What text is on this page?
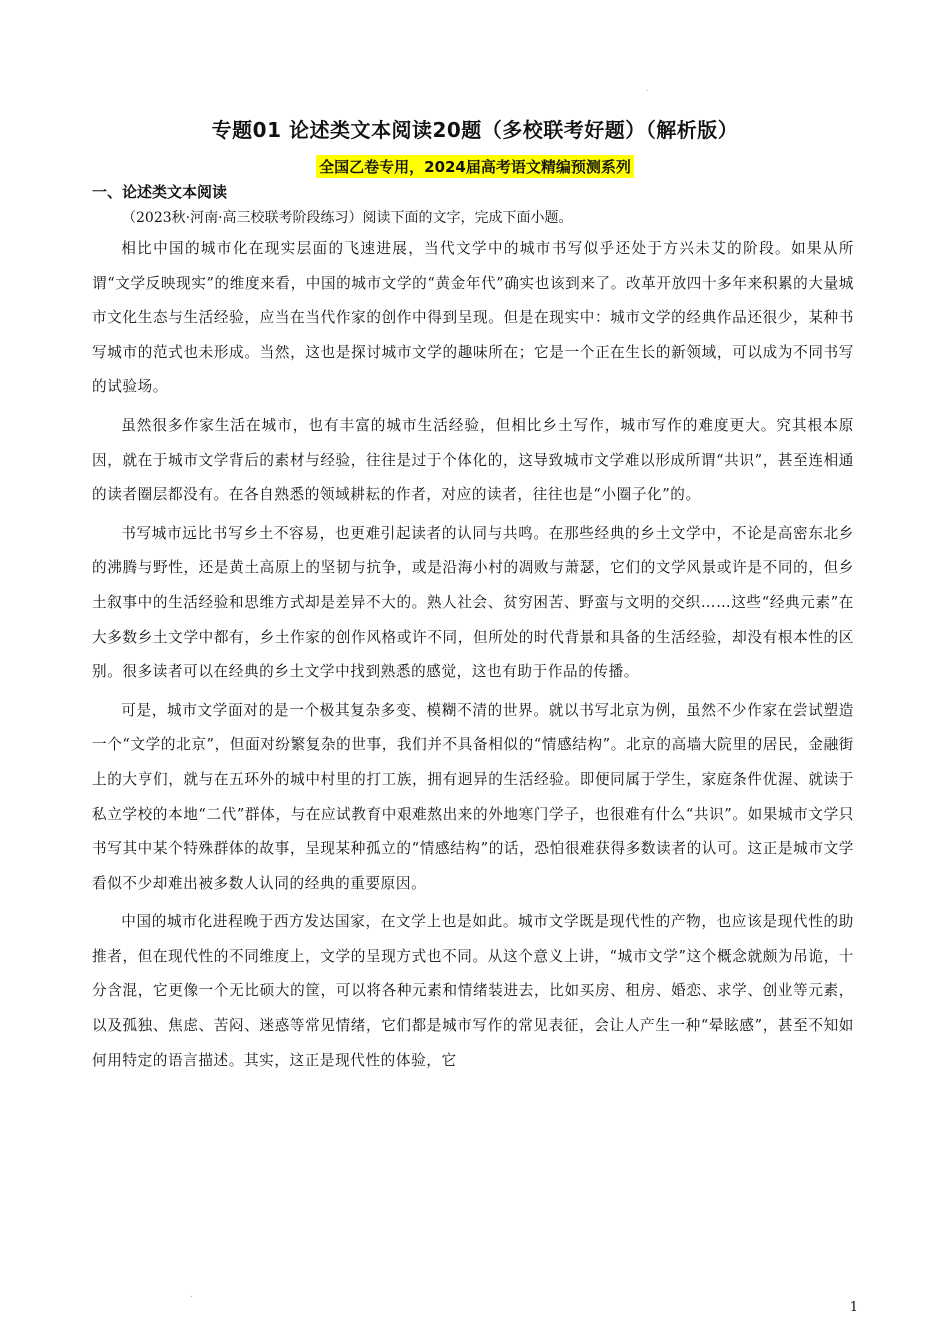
.
.
专题01 论述类文本阅读20题（多校联考好题）（解析版）
全国乙卷专用，2024届高考语文精编预测系列
一、论述类文本阅读
（2023秋·河南·高三校联考阶段练习）阅读下面的文字，完成下面小题。

相比中国的城市化在现实层面的飞速进展，当代文学中的城市书写似乎还处于方兴未艾的阶段。如果从所谓“文学反映现实”的维度来看，中国的城市文学的“黄金年代”确实也该到来了。改革开放四十多年来积累的大量城市文化生态与生活经验，应当在当代作家的创作中得到呈现。但是在现实中：城市文学的经典作品还很少，某种书写城市的范式也未形成。当然，这也是探讨城市文学的趣味所在；它是一个正在生长的新领域，可以成为不同书写的试验场。

虽然很多作家生活在城市，也有丰富的城市生活经验，但相比乡土写作，城市写作的难度更大。究其根本原因，就在于城市文学背后的素材与经验，往往是过于个体化的，这导致城市文学难以形成所谓“共识”，甚至连相通的读者圈层都没有。在各自熟悉的领域耕耘的作者，对应的读者，往往也是“小圈子化”的。

书写城市远比书写乡土不容易，也更难引起读者的认同与共鸣。在那些经典的乡土文学中，不论是高密东北乡的沸腾与野性，还是黄土高原上的坚韧与抗争，或是沿海小村的凋败与萧瑟，它们的文学风景或许是不同的，但乡土叙事中的生活经验和思维方式却是差异不大的。熟人社会、贫穷困苦、野蛮与文明的交织……这些“经典元素”在大多数乡土文学中都有，乡土作家的创作风格或许不同，但所处的时代背景和具备的生活经验，却没有根本性的区别。很多读者可以在经典的乡土文学中找到熟悉的感觉，这也有助于作品的传播。

可是，城市文学面对的是一个极其复杂多变、模糊不清的世界。就以书写北京为例，虽然不少作家在尝试塑造一个“文学的北京”，但面对纷繁复杂的世事，我们并不具备相似的“情感结构”。北京的高墙大院里的居民，金融街上的大亨们，就与在五环外的城中村里的打工族，拥有迥异的生活经验。即便同属于学生，家庭条件优渥、就读于私立学校的本地“二代”群体，与在应试教育中艰难熬出来的外地寒门学子，也很难有什么“共识”。如果城市文学只书写其中某个特殊群体的故事，呈现某种孤立的“情感结构”的话，恐怕很难获得多数读者的认可。这正是城市文学看似不少却难出被多数人认同的经典的重要原因。

中国的城市化进程晚于西方发达国家，在文学上也是如此。城市文学既是现代性的产物，也应该是现代性的助推者，但在现代性的不同维度上，文学的呈现方式也不同。从这个意义上讲，“城市文学”这个概念就颇为吊诡，十分含混，它更像一个无比硕大的筐，可以将各种元素和情绪装进去，比如买房、租房、婚恋、求学、创业等元素，以及孤独、焦虑、苦闷、迷惑等常见情绪，它们都是城市写作的常见表征，会让人产生一种“晕眩感”，甚至不知如何用特定的语言描述。其实，这正是现代性的体验，它

1
